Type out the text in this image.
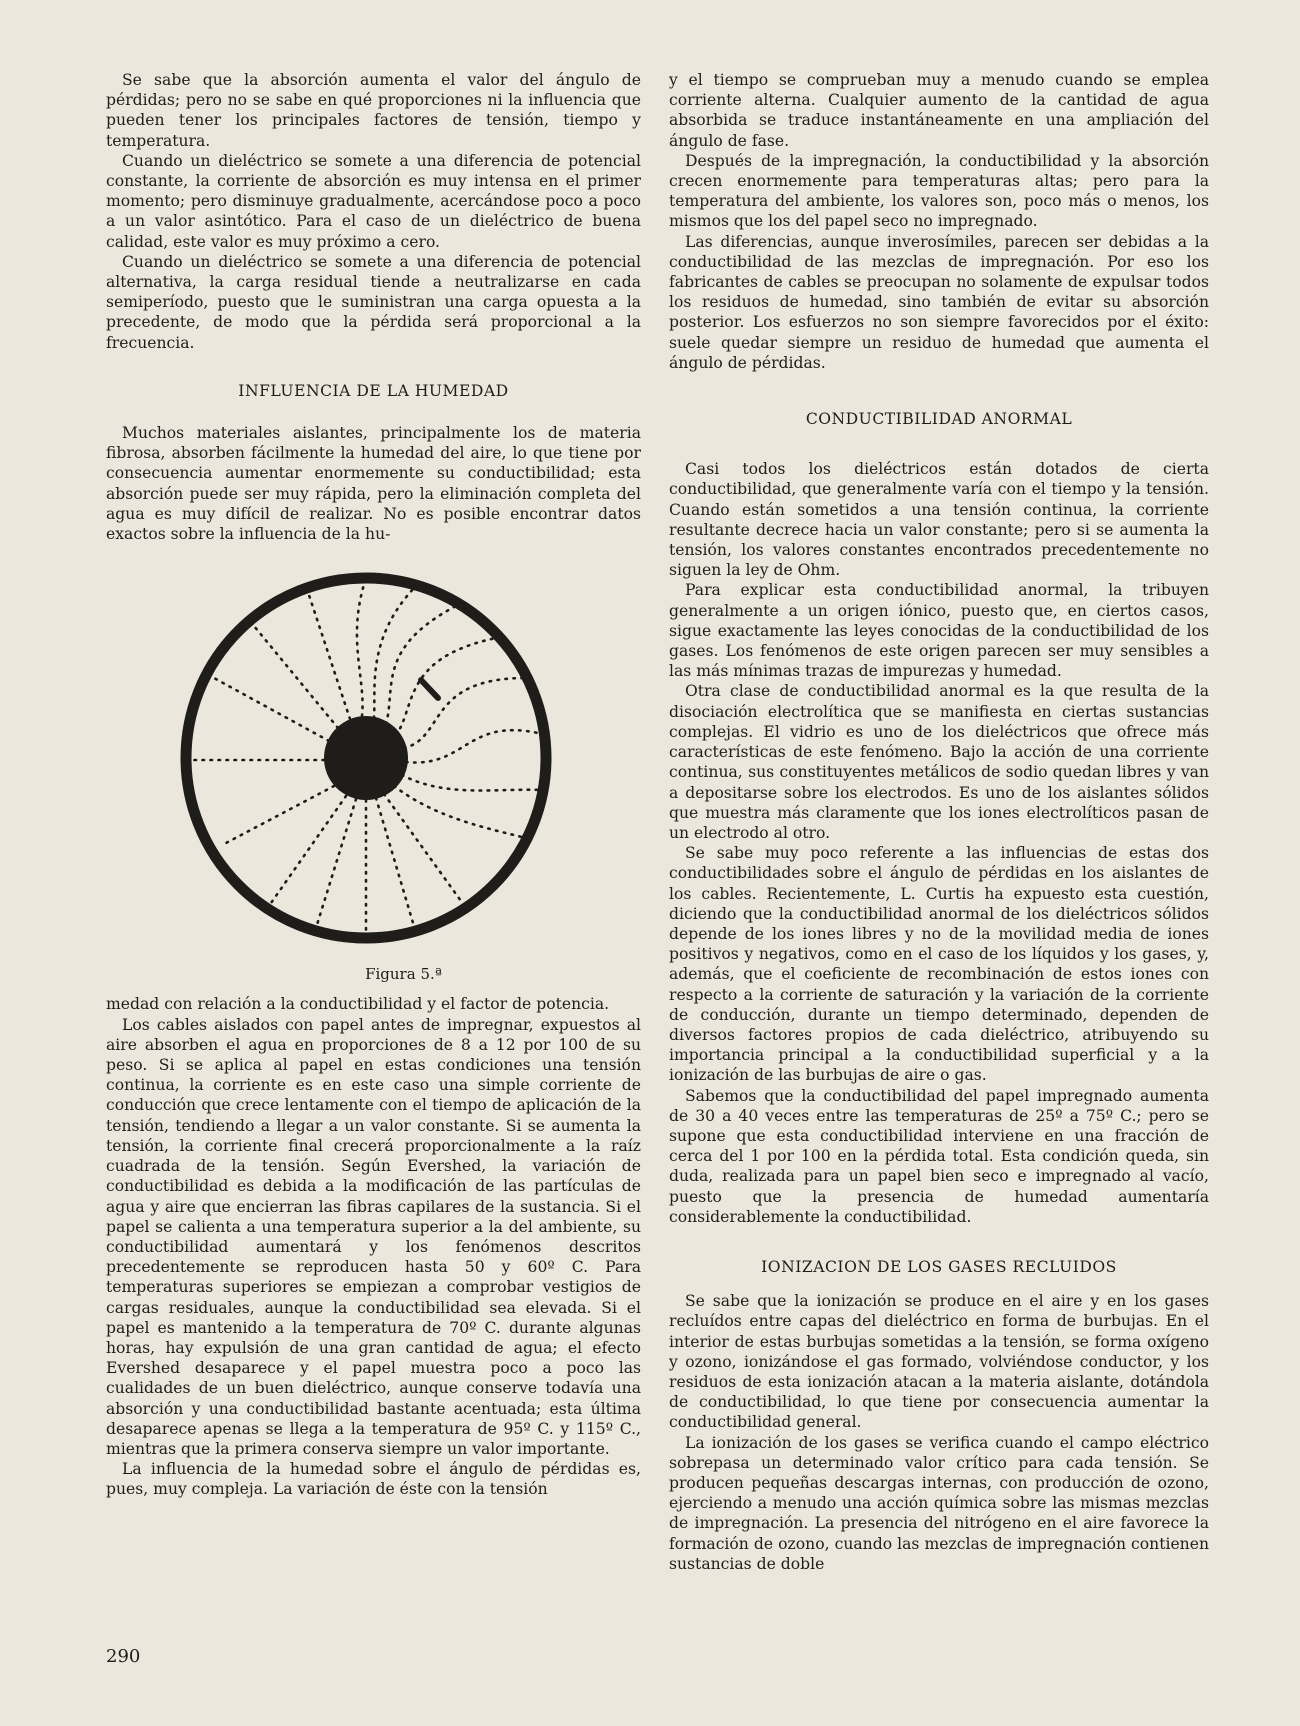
Se sabe que la absorción aumenta el valor del ángulo de pérdidas; pero no se sabe en qué proporciones ni la influencia que pueden tener los principales factores de tensión, tiempo y temperatura.

Cuando un dieléctrico se somete a una diferencia de potencial constante, la corriente de absorción es muy intensa en el primer momento; pero disminuye gradualmente, acercándose poco a poco a un valor asintótico. Para el caso de un dieléctrico de buena calidad, este valor es muy próximo a cero.

Cuando un dieléctrico se somete a una diferencia de potencial alternativa, la carga residual tiende a neutralizarse en cada semiperíodo, puesto que le suministran una carga opuesta a la precedente, de modo que la pérdida será proporcional a la frecuencia.

INFLUENCIA DE LA HUMEDAD

Muchos materiales aislantes, principalmente los de materia fibrosa, absorben fácilmente la humedad del aire, lo que tiene por consecuencia aumentar enormemente su conductibilidad; esta absorción puede ser muy rápida, pero la eliminación completa del agua es muy difícil de realizar. No es posible encontrar datos exactos sobre la influencia de la hu-

Figura 5.ª

medad con relación a la conductibilidad y el factor de potencia.

Los cables aislados con papel antes de impregnar, expuestos al aire absorben el agua en proporciones de 8 a 12 por 100 de su peso. Si se aplica al papel en estas condiciones una tensión continua, la corriente es en este caso una simple corriente de conducción que crece lentamente con el tiempo de aplicación de la tensión, tendiendo a llegar a un valor constante. Si se aumenta la tensión, la corriente final crecerá proporcionalmente a la raíz cuadrada de la tensión. Según Evershed, la variación de conductibilidad es debida a la modificación de las partículas de agua y aire que encierran las fibras capilares de la sustancia. Si el papel se calienta a una temperatura superior a la del ambiente, su conductibilidad aumentará y los fenómenos descritos precedentemente se reproducen hasta 50 y 60º C. Para temperaturas superiores se empiezan a comprobar vestigios de cargas residuales, aunque la conductibilidad sea elevada. Si el papel es mantenido a la temperatura de 70º C. durante algunas horas, hay expulsión de una gran cantidad de agua; el efecto Evershed desaparece y el papel muestra poco a poco las cualidades de un buen dieléctrico, aunque conserve todavía una absorción y una conductibilidad bastante acentuada; esta última desaparece apenas se llega a la temperatura de 95º C. y 115º C., mientras que la primera conserva siempre un valor importante.

La influencia de la humedad sobre el ángulo de pérdidas es, pues, muy compleja. La variación de éste con la tensión

y el tiempo se comprueban muy a menudo cuando se emplea corriente alterna. Cualquier aumento de la cantidad de agua absorbida se traduce instantáneamente en una ampliación del ángulo de fase.

Después de la impregnación, la conductibilidad y la absorción crecen enormemente para temperaturas altas; pero para la temperatura del ambiente, los valores son, poco más o menos, los mismos que los del papel seco no impregnado.

Las diferencias, aunque inverosímiles, parecen ser debidas a la conductibilidad de las mezclas de impregnación. Por eso los fabricantes de cables se preocupan no solamente de expulsar todos los residuos de humedad, sino también de evitar su absorción posterior. Los esfuerzos no son siempre favorecidos por el éxito: suele quedar siempre un residuo de humedad que aumenta el ángulo de pérdidas.

CONDUCTIBILIDAD ANORMAL

Casi todos los dieléctricos están dotados de cierta conductibilidad, que generalmente varía con el tiempo y la tensión. Cuando están sometidos a una tensión continua, la corriente resultante decrece hacia un valor constante; pero si se aumenta la tensión, los valores constantes encontrados precedentemente no siguen la ley de Ohm.

Para explicar esta conductibilidad anormal, la tribuyen generalmente a un origen iónico, puesto que, en ciertos casos, sigue exactamente las leyes conocidas de la conductibilidad de los gases. Los fenómenos de este origen parecen ser muy sensibles a las más mínimas trazas de impurezas y humedad.

Otra clase de conductibilidad anormal es la que resulta de la disociación electrolítica que se manifiesta en ciertas sustancias complejas. El vidrio es uno de los dieléctricos que ofrece más características de este fenómeno. Bajo la acción de una corriente continua, sus constituyentes metálicos de sodio quedan libres y van a depositarse sobre los electrodos. Es uno de los aislantes sólidos que muestra más claramente que los iones electrolíticos pasan de un electrodo al otro.

Se sabe muy poco referente a las influencias de estas dos conductibilidades sobre el ángulo de pérdidas en los aislantes de los cables. Recientemente, L. Curtis ha expuesto esta cuestión, diciendo que la conductibilidad anormal de los dieléctricos sólidos depende de los iones libres y no de la movilidad media de iones positivos y negativos, como en el caso de los líquidos y los gases, y, además, que el coeficiente de recombinación de estos iones con respecto a la corriente de saturación y la variación de la corriente de conducción, durante un tiempo determinado, dependen de diversos factores propios de cada dieléctrico, atribuyendo su importancia principal a la conductibilidad superficial y a la ionización de las burbujas de aire o gas.

Sabemos que la conductibilidad del papel impregnado aumenta de 30 a 40 veces entre las temperaturas de 25º a 75º C.; pero se supone que esta conductibilidad interviene en una fracción de cerca del 1 por 100 en la pérdida total. Esta condición queda, sin duda, realizada para un papel bien seco e impregnado al vacío, puesto que la presencia de humedad aumentaría considerablemente la conductibilidad.

IONIZACION DE LOS GASES RECLUIDOS

Se sabe que la ionización se produce en el aire y en los gases recluídos entre capas del dieléctrico en forma de burbujas. En el interior de estas burbujas sometidas a la tensión, se forma oxígeno y ozono, ionizándose el gas formado, volviéndose conductor, y los residuos de esta ionización atacan a la materia aislante, dotándola de conductibilidad, lo que tiene por consecuencia aumentar la conductibilidad general.

La ionización de los gases se verifica cuando el campo eléctrico sobrepasa un determinado valor crítico para cada tensión. Se producen pequeñas descargas internas, con producción de ozono, ejerciendo a menudo una acción química sobre las mismas mezclas de impregnación. La presencia del nitrógeno en el aire favorece la formación de ozono, cuando las mezclas de impregnación contienen sustancias de doble

290
